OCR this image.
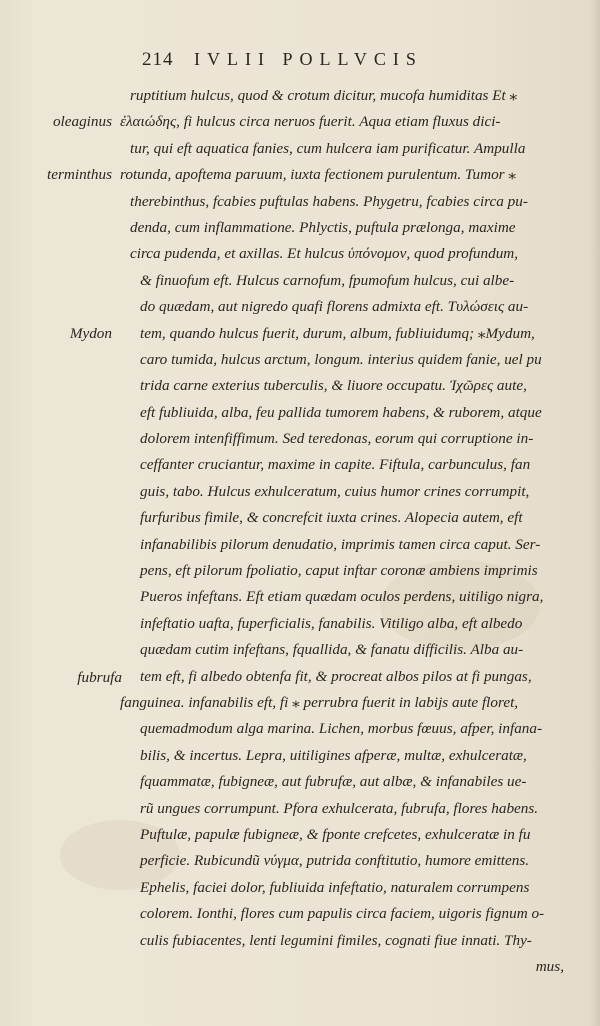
214 IVLII POLLVCIS
oleaginus
terminthus
Mydon
fubrufa
ruptitium hulcus, quod & crotum dicitur, mucofa humiditas Et ⁎
ἐλαιώδης, fi hulcus circa neruos fuerit. Aqua etiam fluxus dici-
tur, qui eft aquatica fanies, cum hulcera iam purificatur. Ampulla
rotunda, apoftema paruum, iuxta fectionem purulentum. Tumor ⁎
therebinthus, fcabies puftulas habens. Phygetru, fcabies circa pu-
denda, cum inflammatione. Phlyctis, puftula prælonga, maxime
circa pudenda, et axillas. Et hulcus ὑπόνομον, quod profundum,
& finuofum eft. Hulcus carnofum, fpumofum hulcus, cui albe-
do quædam, aut nigredo quafi florens admixta eft. Τυλώσεις au-
tem, quando hulcus fuerit, durum, album, fubliuidumq; ⁎Mydum,
caro tumida, hulcus arctum, longum. interius quidem fanie, uel pu
trida carne exterius tuberculis, & liuore occupatu. Ἰχῶρες aute,
eft fubliuida, alba, feu pallida tumorem habens, & ruborem, atque
dolorem intenfiffimum. Sed teredonas, eorum qui corruptione in-
ceffanter cruciantur, maxime in capite. Fiftula, carbunculus, fan
guis, tabo. Hulcus exhulceratum, cuius humor crines corrumpit,
furfuribus fimile, & concrefcit iuxta crines. Alopecia autem, eft
infanabilibis pilorum denudatio, imprimis tamen circa caput. Ser-
pens, eft pilorum fpoliatio, caput inftar coronæ ambiens imprimis
Pueros infeftans. Eft etiam quædam oculos perdens, uitiligo nigra,
infeftatio uafta, fuperficialis, fanabilis. Vitiligo alba, eft albedo
quædam cutim infeftans, fquallida, & fanatu difficilis. Alba au-
tem eft, fi albedo obtenfa fit, & procreat albos pilos at fi pungas,
fanguinea. infanabilis eft, fi ⁎ perrubra fuerit in labijs aute floret,
quemadmodum alga marina. Lichen, morbus fœuus, afper, infana-
bilis, & incertus. Lepra, uitiligines afperæ, multæ, exhulceratæ,
fquammatæ, fubigneæ, aut fubrufæ, aut albæ, & infanabiles ue-
rũ ungues corrumpunt. Pfora exhulcerata, fubrufa, flores habens.
Puftulæ, papulæ fubigneæ, & fponte crefcetes, exhulceratæ in fu
perficie. Rubicundũ νύγμα, putrida conftitutio, humore emittens.
Ephelis, faciei dolor, fubliuida infeftatio, naturalem corrumpens
colorem. Ionthi, flores cum papulis circa faciem, uigoris fignum o-
culis fubiacentes, lenti legumini fimiles, cognati fiue innati. Thy-
mus,
